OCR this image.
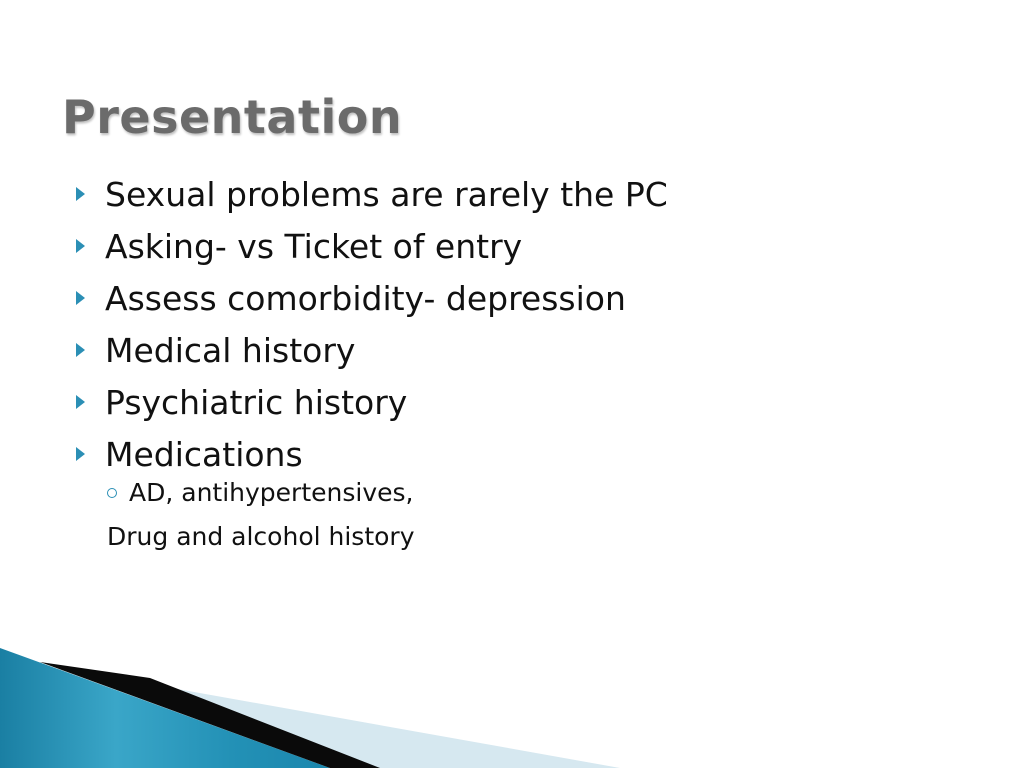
Presentation
Sexual problems are rarely the PC
Asking- vs Ticket of entry
Assess comorbidity- depression
Medical history
Psychiatric history
Medications
AD, antihypertensives,
Drug and alcohol history
